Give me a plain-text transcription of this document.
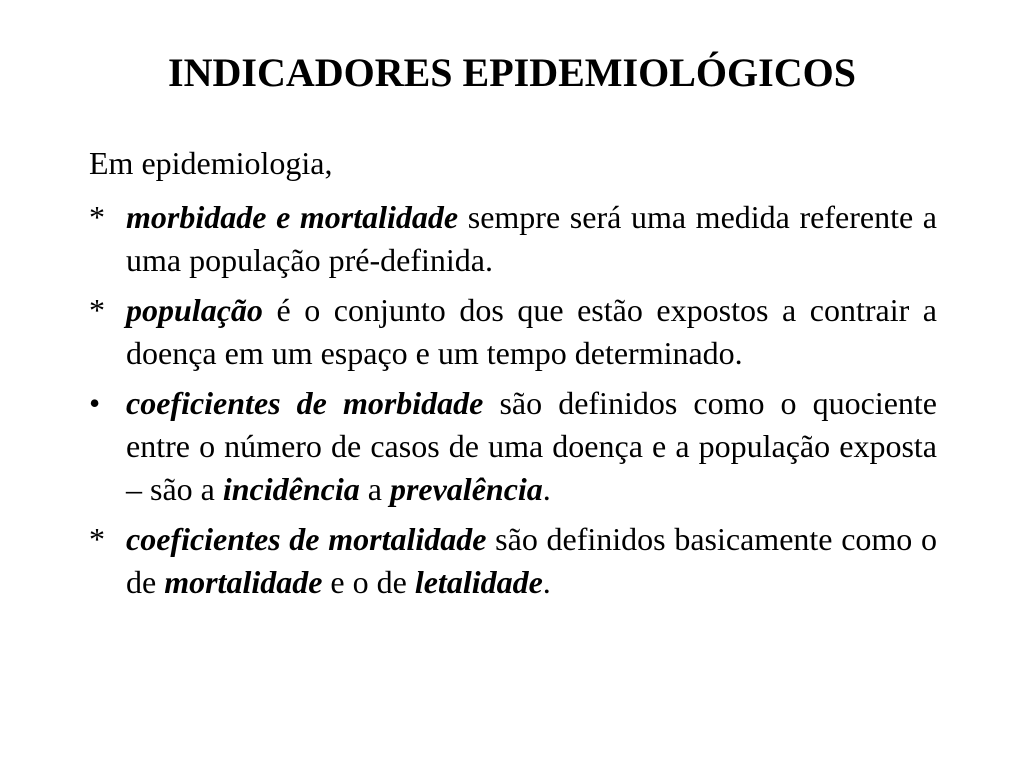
INDICADORES EPIDEMIOLÓGICOS

Em epidemiologia,

* morbidade e mortalidade sempre será uma medida referente a uma população pré-definida.

* população é o conjunto dos que estão expostos a contrair a doença em um espaço e um tempo determinado.

• coeficientes de morbidade são definidos como o quociente entre o número de casos de uma doença e a população exposta – são a incidência a prevalência.

* coeficientes de mortalidade são definidos basicamente como o de mortalidade e o de letalidade.
